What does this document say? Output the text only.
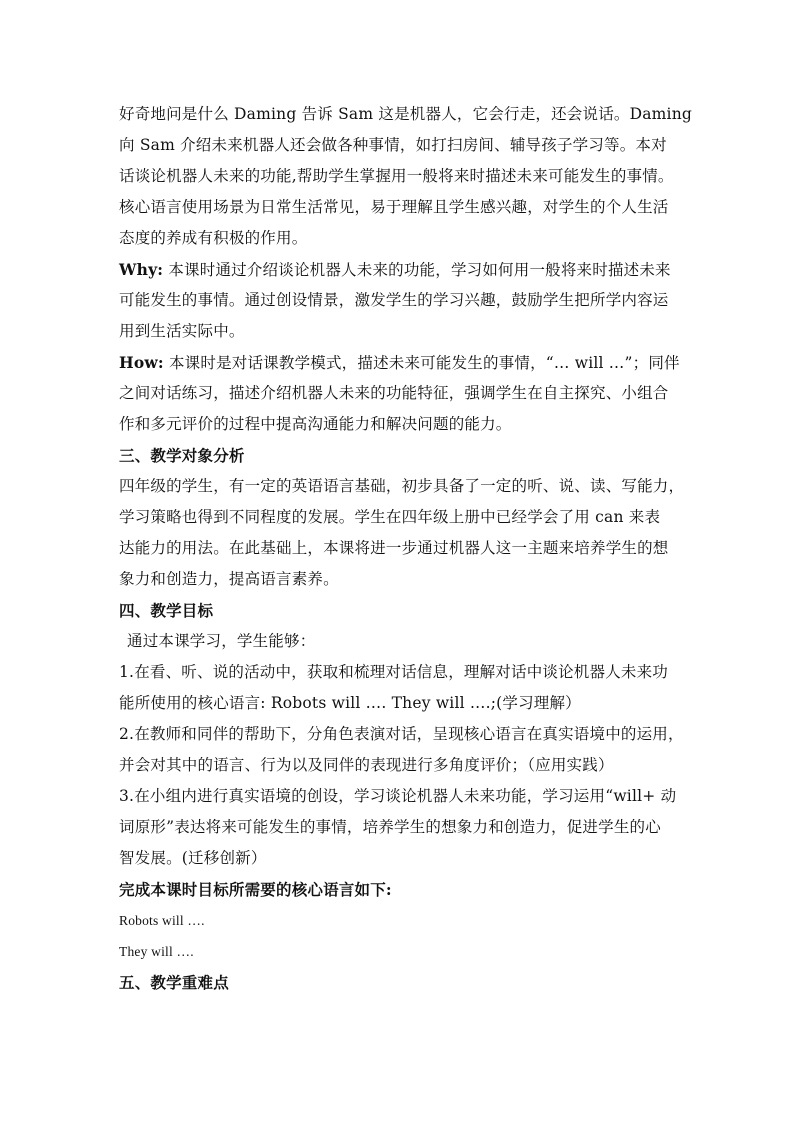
好奇地问是什么 Daming 告诉 Sam 这是机器人，它会行走，还会说话。Daming
向 Sam 介绍未来机器人还会做各种事情，如打扫房间、辅导孩子学习等。本对
话谈论机器人未来的功能,帮助学生掌握用一般将来时描述未来可能发生的事情。
核心语言使用场景为日常生活常见，易于理解且学生感兴趣，对学生的个人生活
态度的养成有积极的作用。
Why: 本课时通过介绍谈论机器人未来的功能，学习如何用一般将来时描述未来
可能发生的事情。通过创设情景，激发学生的学习兴趣，鼓励学生把所学内容运
用到生活实际中。
How: 本课时是对话课教学模式，描述未来可能发生的事情，“… will …”；同伴
之间对话练习，描述介绍机器人未来的功能特征，强调学生在自主探究、小组合
作和多元评价的过程中提高沟通能力和解决问题的能力。
三、教学对象分析
四年级的学生，有一定的英语语言基础，初步具备了一定的听、说、读、写能力，
学习策略也得到不同程度的发展。学生在四年级上册中已经学会了用 can 来表
达能力的用法。在此基础上，本课将进一步通过机器人这一主题来培养学生的想
象力和创造力，提高语言素养。
四、教学目标
通过本课学习，学生能够：
1.在看、听、说的活动中，获取和梳理对话信息，理解对话中谈论机器人未来功
能所使用的核心语言: Robots will …. They will ….;(学习理解）
2.在教师和同伴的帮助下，分角色表演对话，呈现核心语言在真实语境中的运用，
并会对其中的语言、行为以及同伴的表现进行多角度评价；（应用实践）
3.在小组内进行真实语境的创设，学习谈论机器人未来功能，学习运用“will+ 动
词原形”表达将来可能发生的事情，培养学生的想象力和创造力，促进学生的心
智发展。(迁移创新）
完成本课时目标所需要的核心语言如下:
Robots will ….
They will ….
五、教学重难点
